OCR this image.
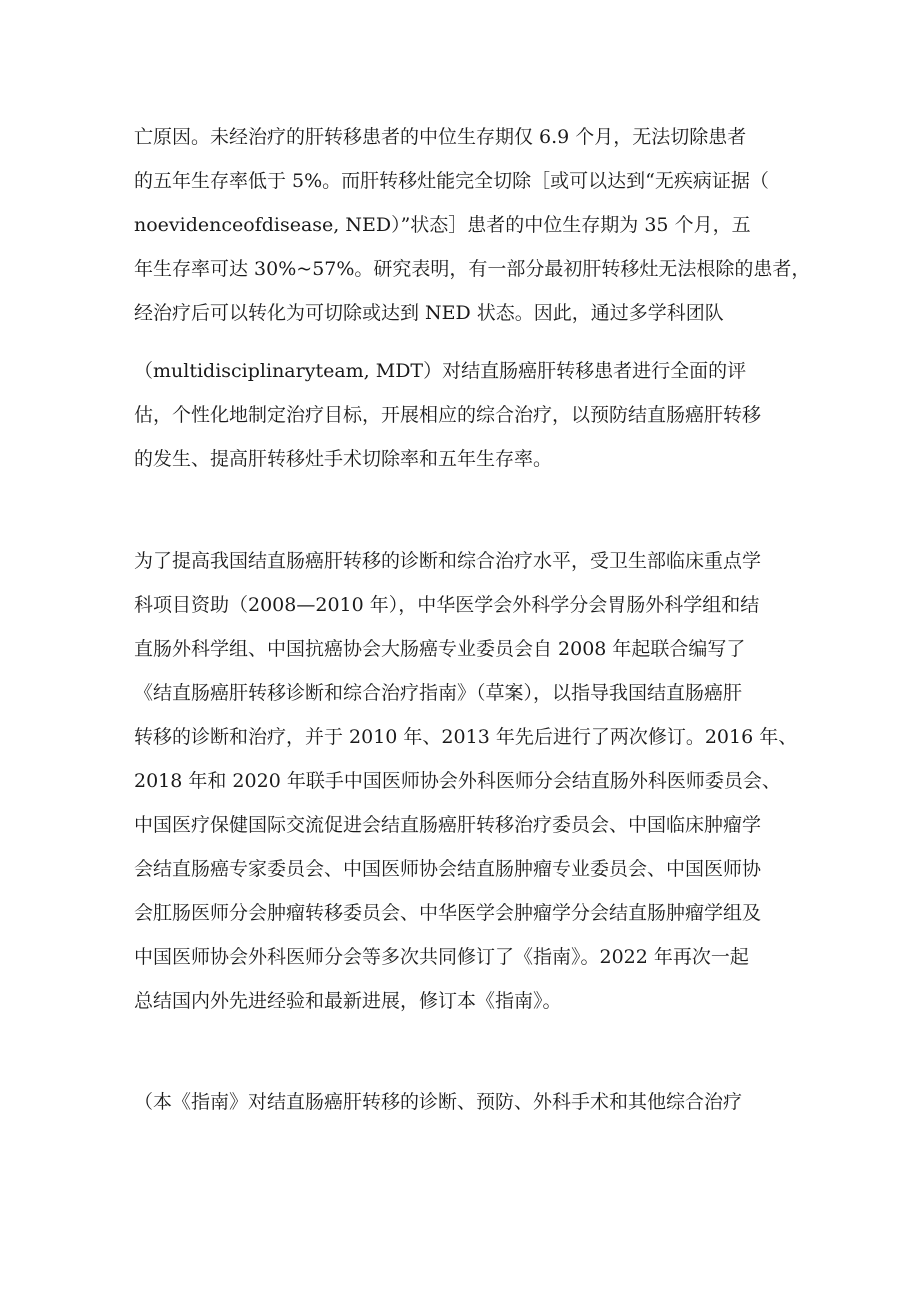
亡原因。未经治疗的肝转移患者的中位生存期仅 6.9 个月，无法切除患者
的五年生存率低于 5%。而肝转移灶能完全切除［或可以达到“无疾病证据（
noevidenceofdisease, NED）”状态］患者的中位生存期为 35 个月，五
年生存率可达 30%~57%。研究表明，有一部分最初肝转移灶无法根除的患者，
经治疗后可以转化为可切除或达到 NED 状态。因此，通过多学科团队
（multidisciplinaryteam, MDT）对结直肠癌肝转移患者进行全面的评
估，个性化地制定治疗目标，开展相应的综合治疗，以预防结直肠癌肝转移
的发生、提高肝转移灶手术切除率和五年生存率。
为了提高我国结直肠癌肝转移的诊断和综合治疗水平，受卫生部临床重点学
科项目资助（2008—2010 年），中华医学会外科学分会胃肠外科学组和结
直肠外科学组、中国抗癌协会大肠癌专业委员会自 2008 年起联合编写了
《结直肠癌肝转移诊断和综合治疗指南》（草案），以指导我国结直肠癌肝
转移的诊断和治疗，并于 2010 年、2013 年先后进行了两次修订。2016 年、
2018 年和 2020 年联手中国医师协会外科医师分会结直肠外科医师委员会、
中国医疗保健国际交流促进会结直肠癌肝转移治疗委员会、中国临床肿瘤学
会结直肠癌专家委员会、中国医师协会结直肠肿瘤专业委员会、中国医师协
会肛肠医师分会肿瘤转移委员会、中华医学会肿瘤学分会结直肠肿瘤学组及
中国医师协会外科医师分会等多次共同修订了《指南》。2022 年再次一起
总结国内外先进经验和最新进展，修订本《指南》。
（本《指南》对结直肠癌肝转移的诊断、预防、外科手术和其他综合治疗
